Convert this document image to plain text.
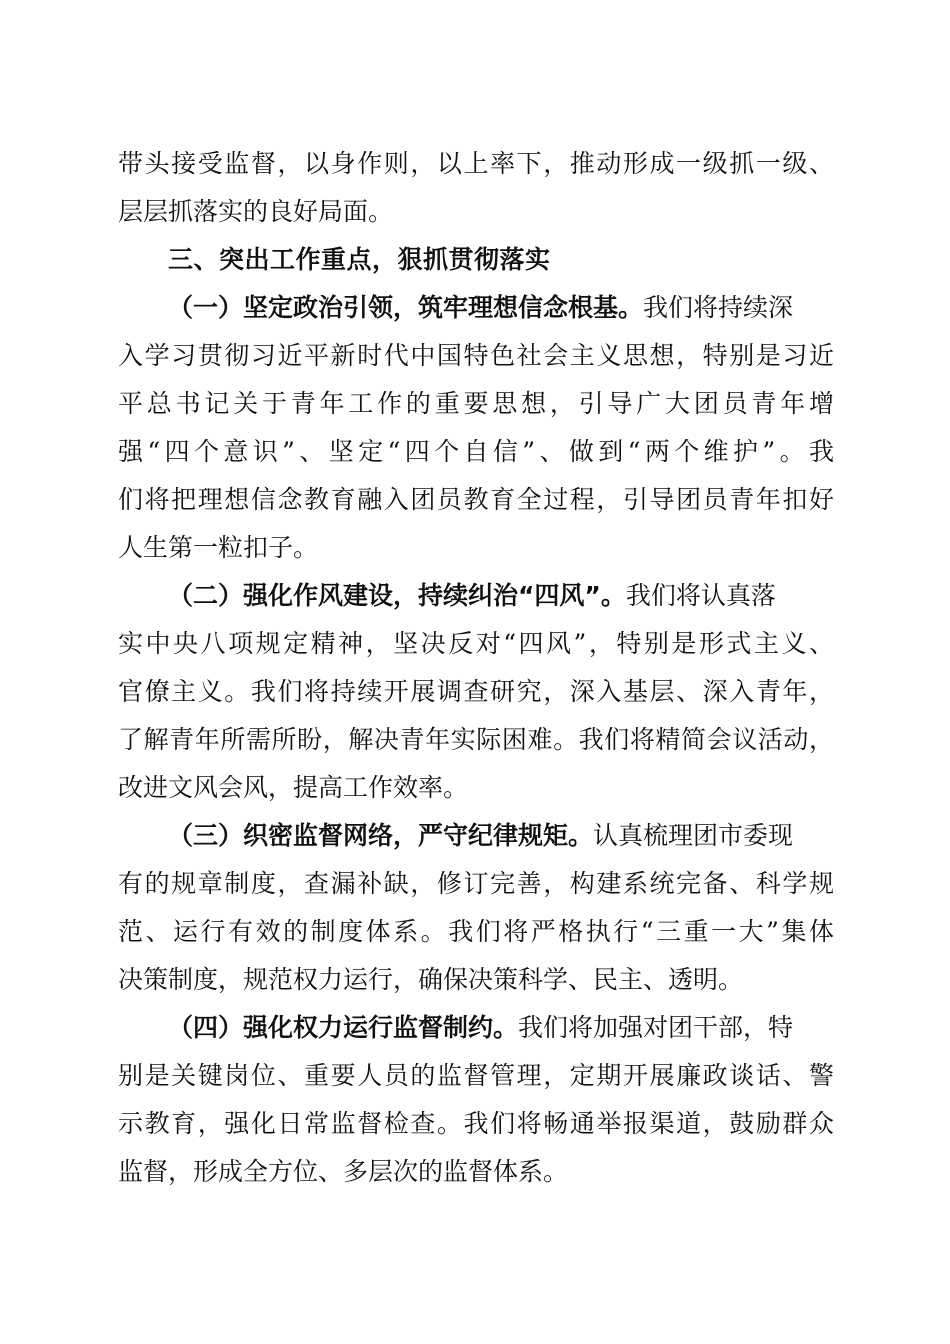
带头接受监督，以身作则，以上率下，推动形成一级抓一级、
层层抓落实的良好局面。
三、突出工作重点，狠抓贯彻落实
（一）坚定政治引领，筑牢理想信念根基。我们将持续深
入学习贯彻习近平新时代中国特色社会主义思想，特别是习近
平总书记关于青年工作的重要思想，引导广大团员青年增
强“四个意识”、坚定“四个自信”、做到“两个维护”。我
们将把理想信念教育融入团员教育全过程，引导团员青年扣好
人生第一粒扣子。
（二）强化作风建设，持续纠治“四风”。我们将认真落
实中央八项规定精神，坚决反对“四风”，特别是形式主义、
官僚主义。我们将持续开展调查研究，深入基层、深入青年，
了解青年所需所盼，解决青年实际困难。我们将精简会议活动，
改进文风会风，提高工作效率。
（三）织密监督网络，严守纪律规矩。认真梳理团市委现
有的规章制度，查漏补缺，修订完善，构建系统完备、科学规
范、运行有效的制度体系。我们将严格执行“三重一大”集体
决策制度，规范权力运行，确保决策科学、民主、透明。
（四）强化权力运行监督制约。我们将加强对团干部，特
别是关键岗位、重要人员的监督管理，定期开展廉政谈话、警
示教育，强化日常监督检查。我们将畅通举报渠道，鼓励群众
监督，形成全方位、多层次的监督体系。
